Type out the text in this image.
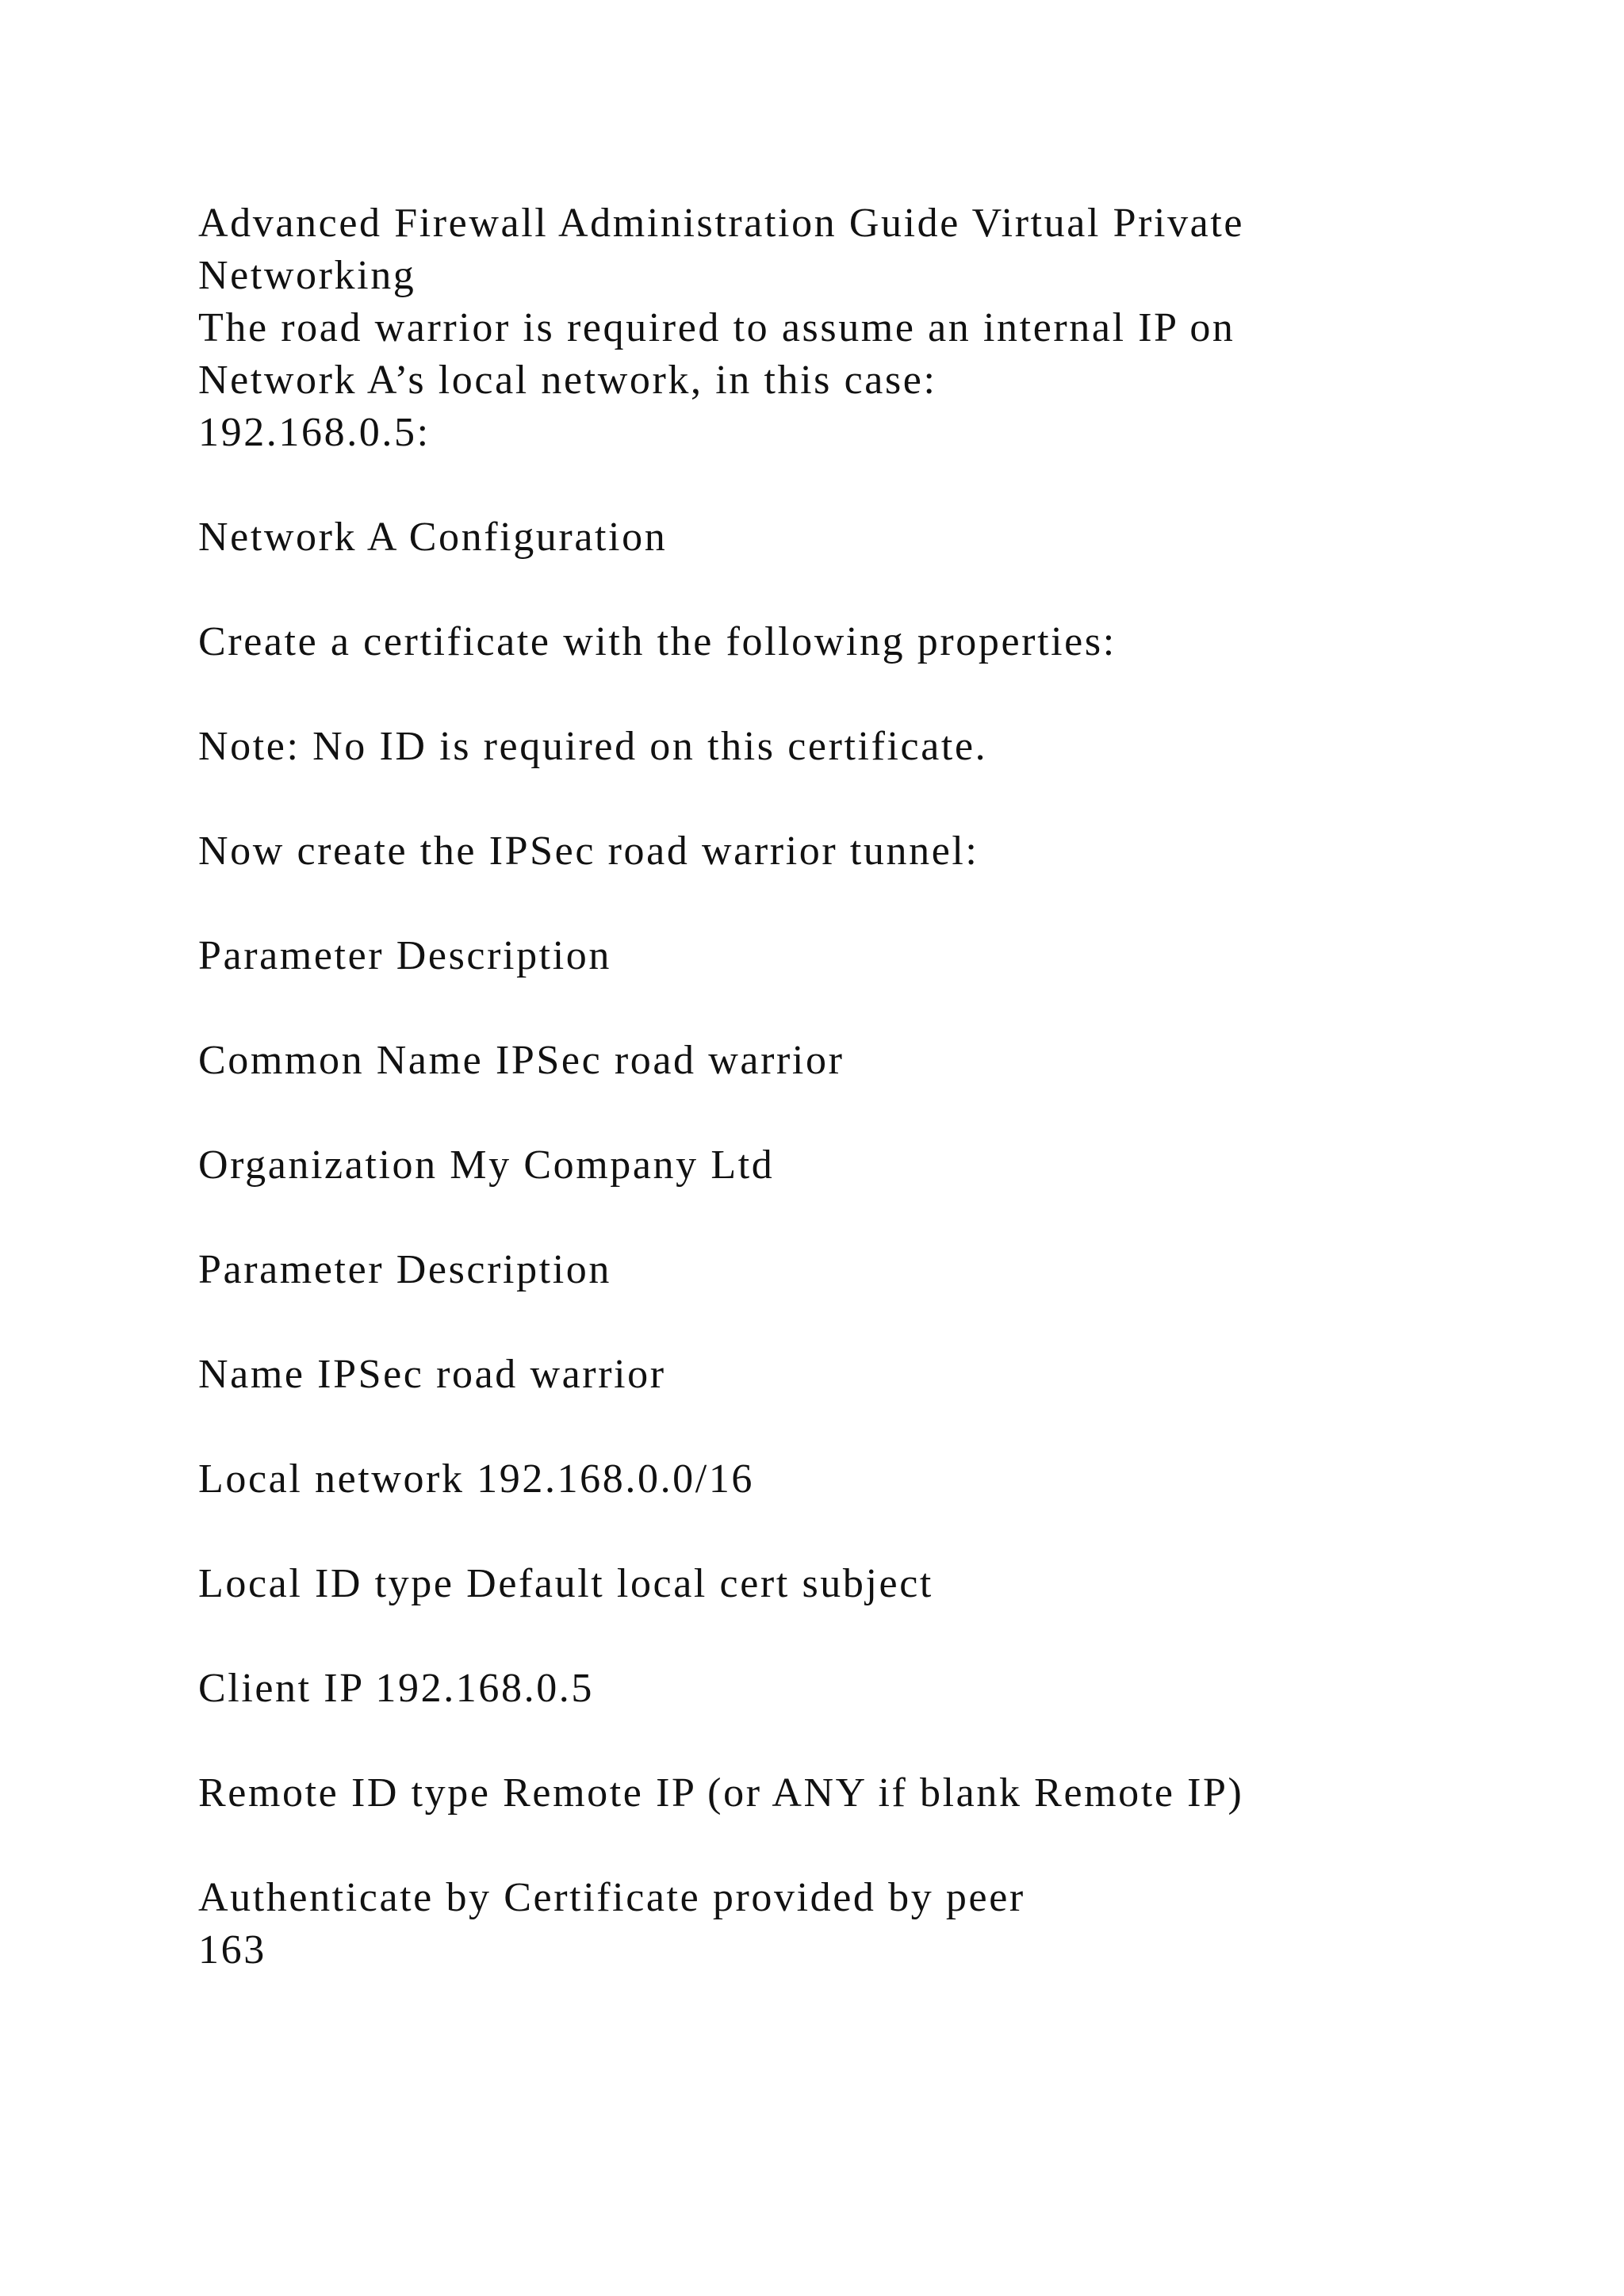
Advanced Firewall Administration Guide Virtual Private
Networking
The road warrior is required to assume an internal IP on
Network A’s local network, in this case:
192.168.0.5:
Network A Configuration
Create a certificate with the following properties:
Note: No ID is required on this certificate.
Now create the IPSec road warrior tunnel:
Parameter Description
Common Name IPSec road warrior
Organization My Company Ltd
Parameter Description
Name IPSec road warrior
Local network 192.168.0.0/16
Local ID type Default local cert subject
Client IP 192.168.0.5
Remote ID type Remote IP (or ANY if blank Remote IP)
Authenticate by Certificate provided by peer
163
